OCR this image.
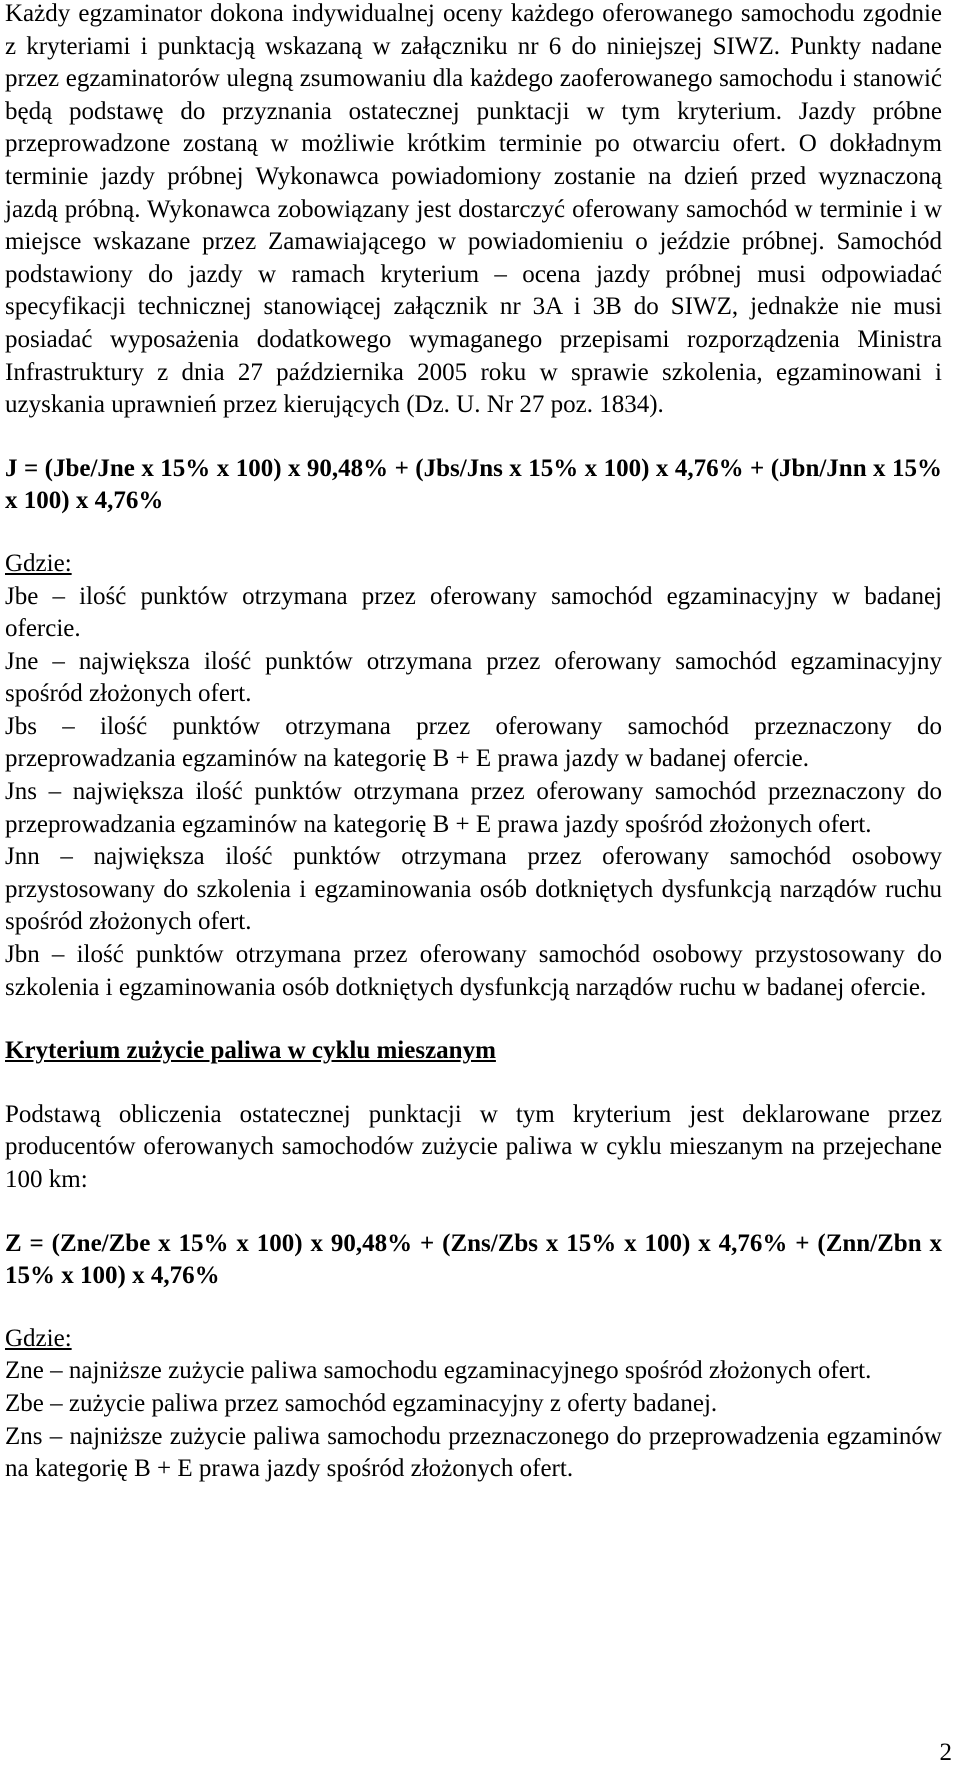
Każdy egzaminator dokona indywidualnej oceny każdego oferowanego samochodu zgodnie z kryteriami i punktacją wskazaną w załączniku nr 6 do niniejszej SIWZ. Punkty nadane przez egzaminatorów ulegną zsumowaniu dla każdego zaoferowanego samochodu i stanowić będą podstawę do przyznania ostatecznej punktacji w tym kryterium. Jazdy próbne przeprowadzone zostaną w możliwie krótkim terminie po otwarciu ofert. O dokładnym terminie jazdy próbnej Wykonawca powiadomiony zostanie na dzień przed wyznaczoną jazdą próbną. Wykonawca zobowiązany jest dostarczyć oferowany samochód w terminie i w miejsce wskazane przez Zamawiającego w powiadomieniu o jeździe próbnej. Samochód podstawiony do jazdy w ramach kryterium – ocena jazdy próbnej musi odpowiadać specyfikacji technicznej stanowiącej załącznik nr 3A i 3B do SIWZ, jednakże nie musi posiadać wyposażenia dodatkowego wymaganego przepisami rozporządzenia Ministra Infrastruktury z dnia 27 października 2005 roku w sprawie szkolenia, egzaminowani i uzyskania uprawnień przez kierujących (Dz. U. Nr 27 poz. 1834).

J = (Jbe/Jne x 15% x 100) x 90,48% + (Jbs/Jns x 15% x 100) x 4,76% + (Jbn/Jnn x 15% x 100) x 4,76%

Gdzie:

Jbe – ilość punktów otrzymana przez oferowany samochód egzaminacyjny w badanej ofercie.

Jne – największa ilość punktów otrzymana przez oferowany samochód egzaminacyjny spośród złożonych ofert.

Jbs – ilość punktów otrzymana przez oferowany samochód przeznaczony do przeprowadzania egzaminów na kategorię B + E prawa jazdy w badanej ofercie.

Jns – największa ilość punktów otrzymana przez oferowany samochód przeznaczony do przeprowadzania egzaminów na kategorię B + E prawa jazdy spośród złożonych ofert.

Jnn – największa ilość punktów otrzymana przez oferowany samochód osobowy przystosowany do szkolenia i egzaminowania osób dotkniętych dysfunkcją narządów ruchu spośród złożonych ofert.

Jbn – ilość punktów otrzymana przez oferowany samochód osobowy przystosowany do szkolenia i egzaminowania osób dotkniętych dysfunkcją narządów ruchu w badanej ofercie.

Kryterium zużycie paliwa w cyklu mieszanym

Podstawą obliczenia ostatecznej punktacji w tym kryterium jest deklarowane przez producentów oferowanych samochodów zużycie paliwa w cyklu mieszanym na przejechane 100 km:

Z = (Zne/Zbe x 15% x 100) x 90,48% + (Zns/Zbs x 15% x 100) x 4,76% + (Znn/Zbn x 15% x 100) x 4,76%

Gdzie:

Zne – najniższe zużycie paliwa samochodu egzaminacyjnego spośród złożonych ofert.

Zbe – zużycie paliwa przez samochód egzaminacyjny z oferty badanej.

Zns – najniższe zużycie paliwa samochodu przeznaczonego do przeprowadzenia egzaminów na kategorię B + E prawa jazdy spośród złożonych ofert.

2
